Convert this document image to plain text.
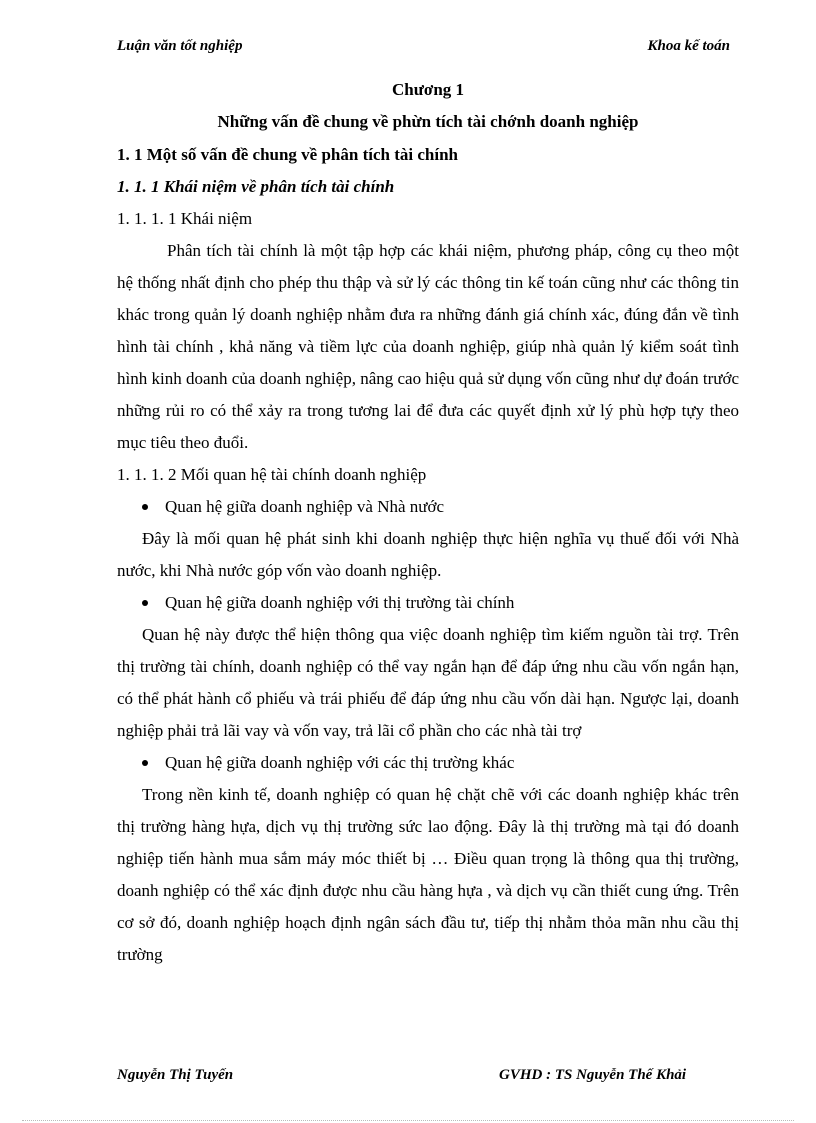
Luận văn tốt nghiệp	Khoa kế toán
Chương 1
Những vấn đề chung về phừn tích tài chớnh doanh nghiệp
1. 1 Một số vấn đề chung về phân tích tài chính
1. 1. 1 Khái niệm về phân tích tài chính
1. 1. 1. 1 Khái niệm
Phân tích tài chính là một tập hợp các khái niệm, phương pháp, công cụ theo một hệ thống nhất định cho phép thu thập và sử lý các thông tin kế toán cũng như các thông tin khác trong quản lý doanh nghiệp nhằm đưa ra những đánh giá chính xác, đúng đắn về tình hình tài chính , khả năng và tiềm lực của doanh nghiệp, giúp nhà quản lý kiểm soát tình hình kinh doanh của doanh nghiệp, nâng cao hiệu quả sử dụng vốn cũng như dự đoán trước những rủi ro có thể xảy ra trong tương lai để đưa các quyết định xử lý phù hợp tựy theo mục tiêu theo đuổi.
1. 1. 1. 2 Mối quan hệ tài chính doanh nghiệp
Quan hệ giữa doanh nghiệp và Nhà nước
Đây là mối quan hệ phát sinh khi doanh nghiệp thực hiện nghĩa vụ thuế đối với Nhà nước, khi Nhà nước góp vốn vào doanh nghiệp.
Quan hệ giữa doanh nghiệp với thị trường tài chính
Quan hệ này được thể hiện thông qua việc doanh nghiệp tìm kiếm nguồn tài trợ. Trên thị trường tài chính, doanh nghiệp có thể vay ngắn hạn để đáp ứng nhu cầu vốn ngắn hạn, có thể phát hành cổ phiếu và trái phiếu để đáp ứng nhu cầu vốn dài hạn. Ngược lại, doanh nghiệp phải trả lãi vay và vốn vay, trả lãi cổ phần cho các nhà tài trợ
Quan hệ giữa doanh nghiệp với các thị trường khác
Trong nền kinh tế, doanh nghiệp có quan hệ chặt chẽ với các doanh nghiệp khác trên thị trường hàng hựa, dịch vụ thị trường sức lao động. Đây là thị trường mà tại đó doanh nghiệp tiến hành mua sắm máy móc thiết bị … Điều quan trọng là thông qua thị trường, doanh nghiệp có thể xác định được nhu cầu hàng hựa , và dịch vụ cần thiết cung ứng. Trên cơ sở đó, doanh nghiệp hoạch định ngân sách đầu tư, tiếp thị nhằm thỏa mãn nhu cầu thị trường
Nguyễn Thị Tuyến	GVHD : TS Nguyễn Thế Khải
